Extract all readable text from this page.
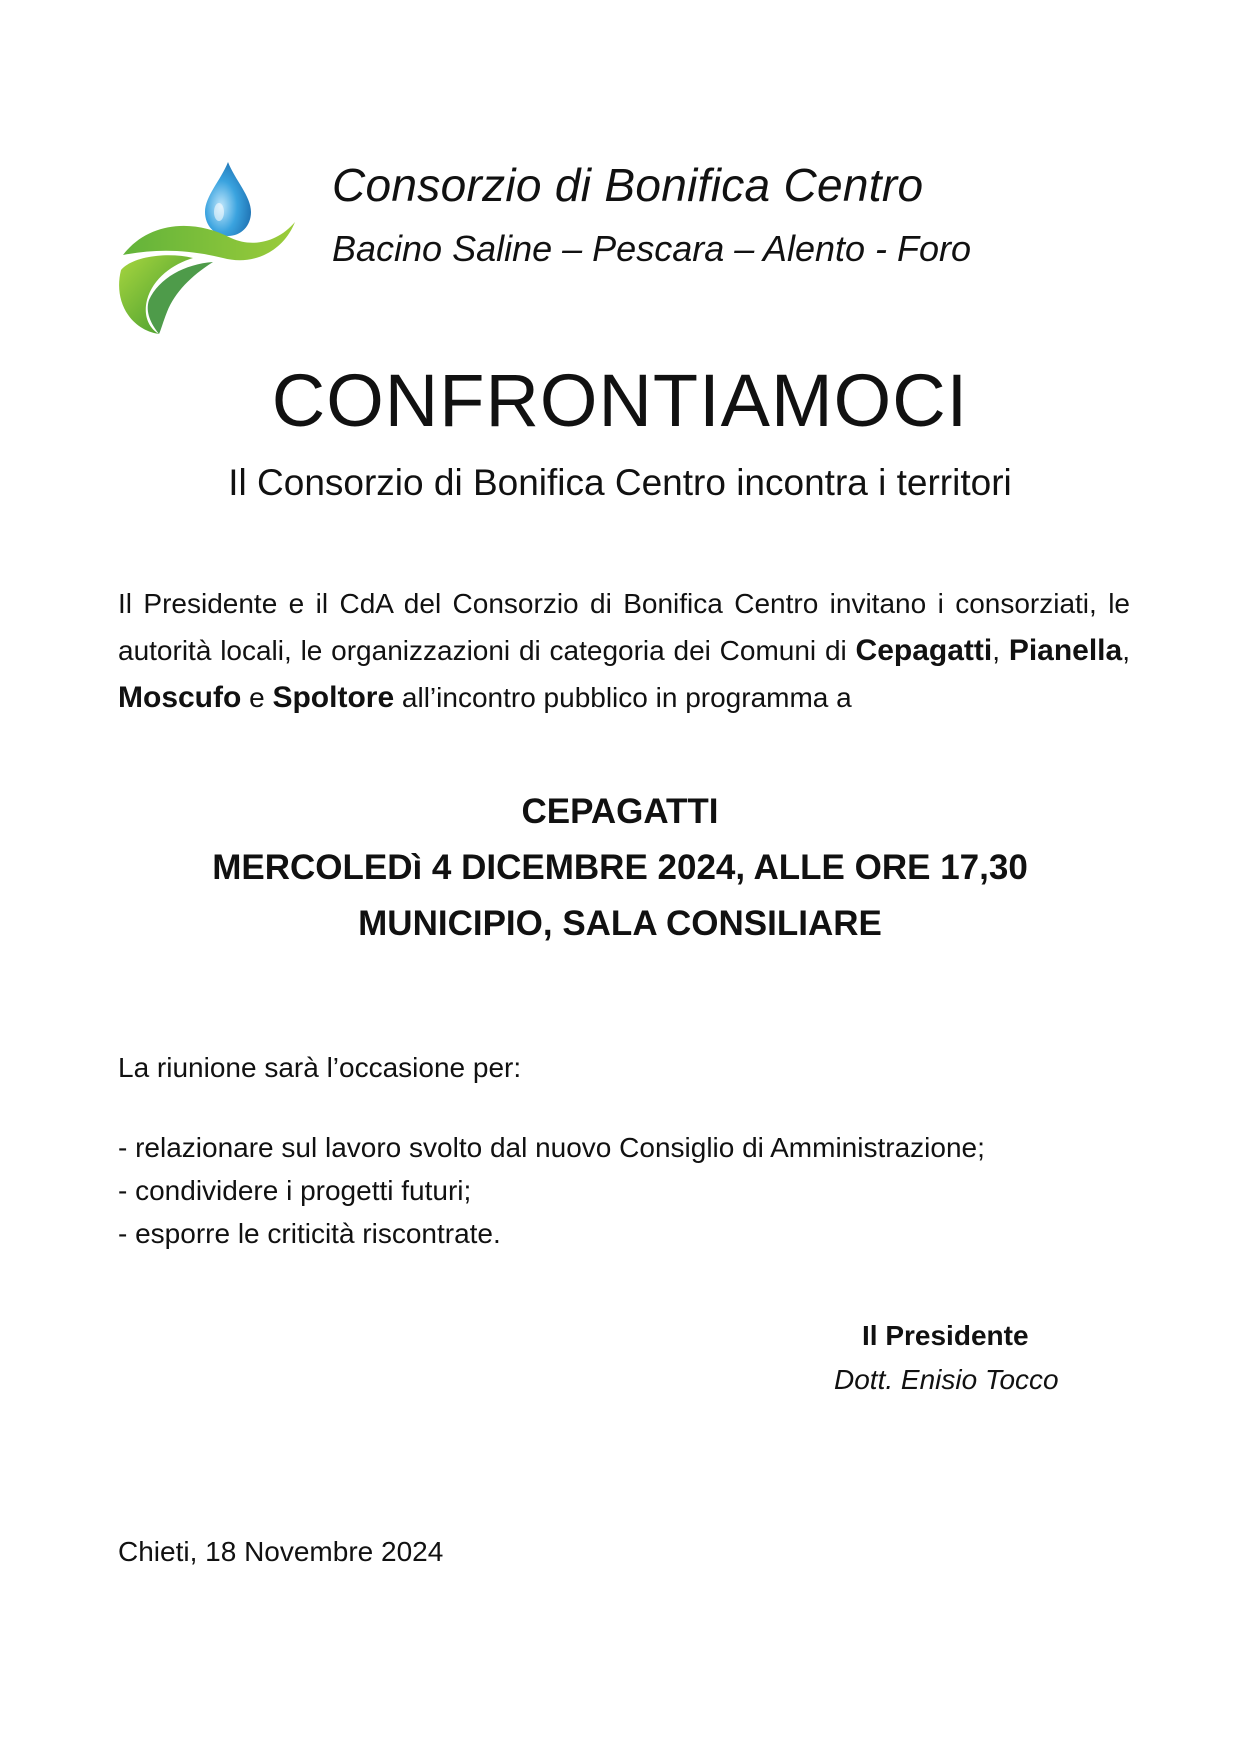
Consorzio di Bonifica Centro
Bacino Saline – Pescara – Alento - Foro
CONFRONTIAMOCI
Il Consorzio di Bonifica Centro incontra i territori
Il Presidente e il CdA del Consorzio di Bonifica Centro invitano i consorziati, le autorità locali, le organizzazioni di categoria dei Comuni di Cepagatti, Pianella, Moscufo e Spoltore all’incontro pubblico in programma a
CEPAGATTI
MERCOLEDì 4 DICEMBRE 2024, ALLE ORE 17,30
MUNICIPIO, SALA CONSILIARE
La riunione sarà l’occasione per:
- relazionare sul lavoro svolto dal nuovo Consiglio di Amministrazione;
- condividere i progetti futuri;
- esporre le criticità riscontrate.
Il Presidente
Dott. Enisio Tocco
Chieti, 18 Novembre 2024
